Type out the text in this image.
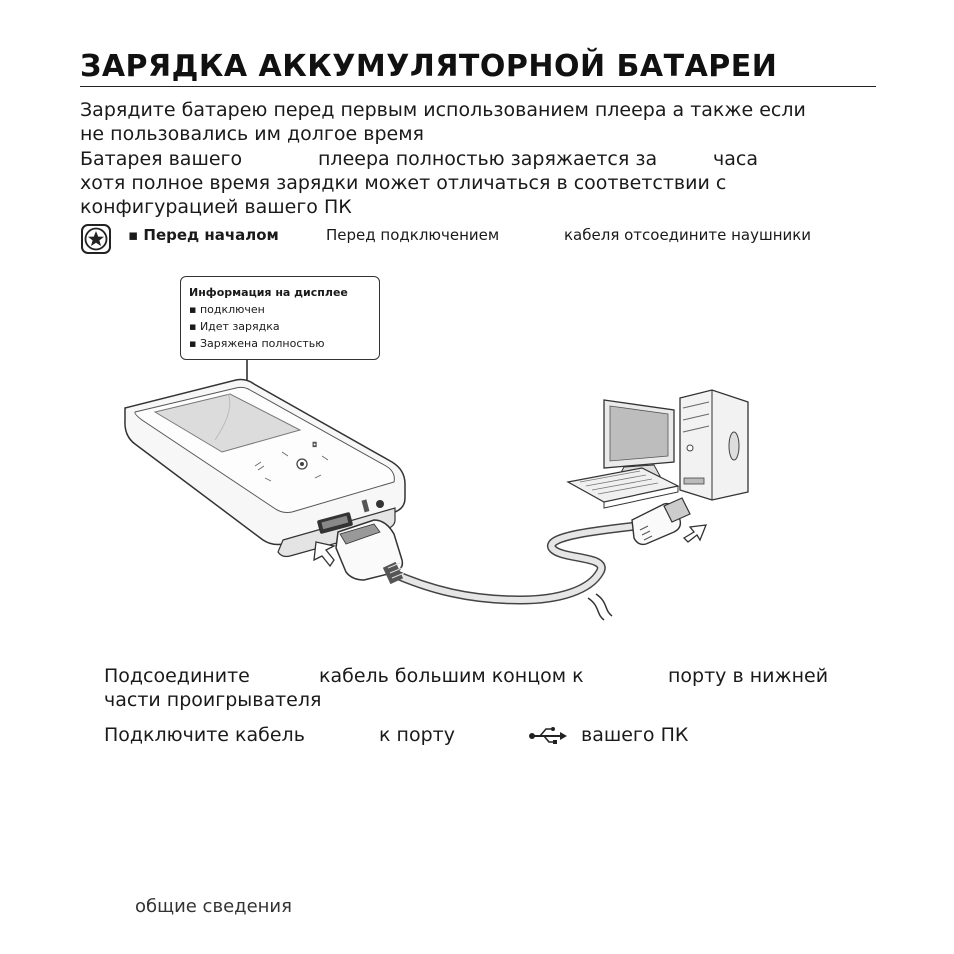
ЗАРЯДКА АККУМУЛЯТОРНОЙ БАТАРЕИ
Зарядите батарею перед первым использованием плеера а также если
не пользовались им долгое время
Батарея вашего	плеера полностью заряжается за	часа
хотя полное время зарядки может отличаться в соответствии с
конфигурацией вашего ПК
▪ Перед началом	Перед подключением	кабеля отсоедините наушники
Информация на дисплее
▪ подключен
▪ Идет зарядка
▪ Заряжена полностью
◘
Подсоедините	кабель большим концом к	порту в нижней
части проигрывателя
Подключите кабель	к порту	вашего ПК
общие сведения
